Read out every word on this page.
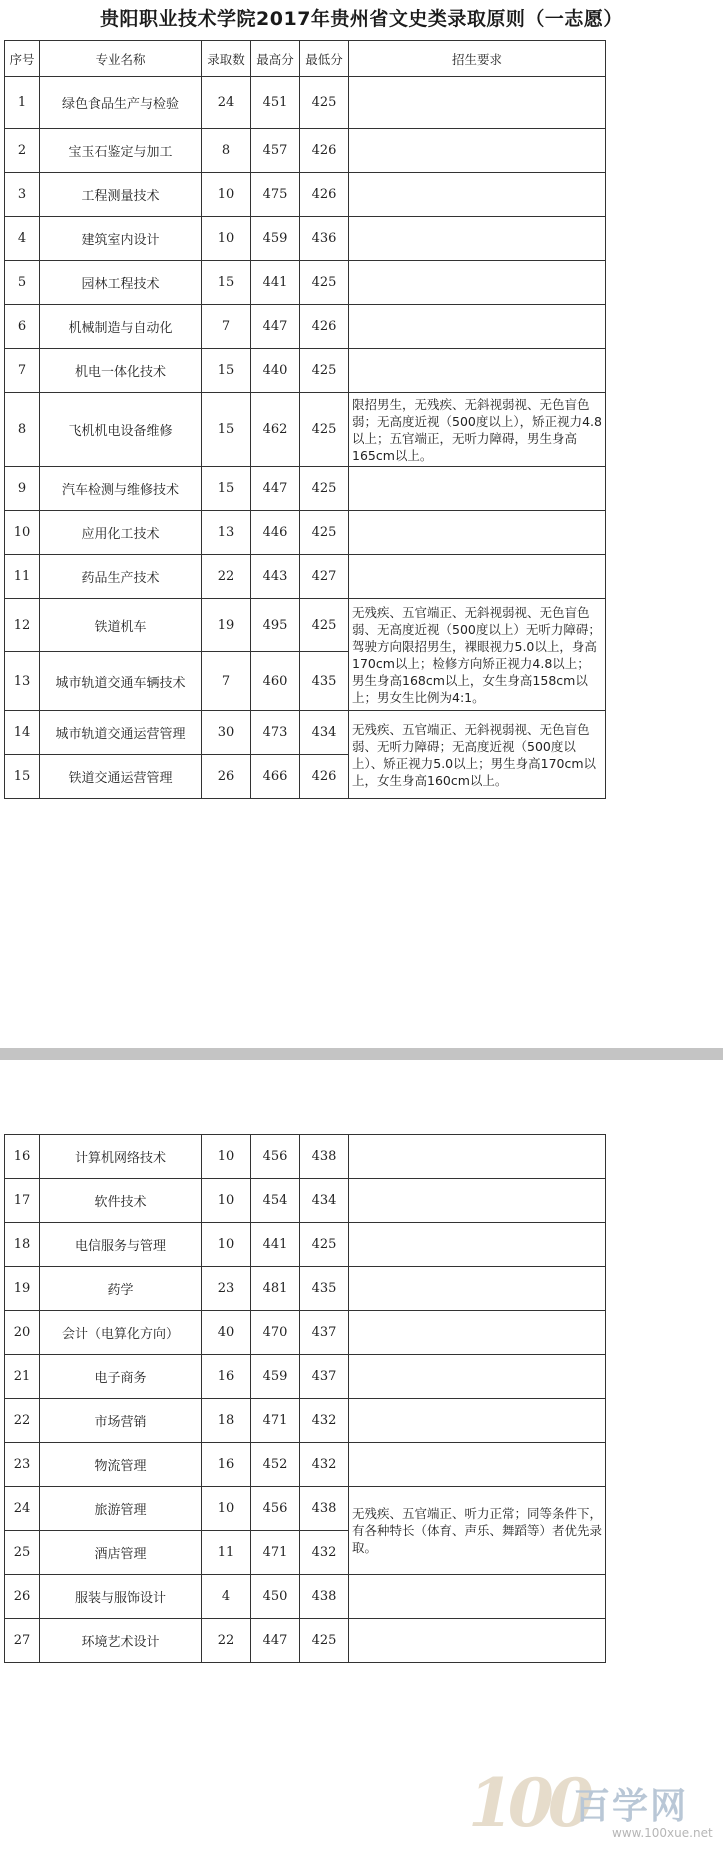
贵阳职业技术学院2017年贵州省文史类录取原则（一志愿）
序号	专业名称	录取数	最高分	最低分	招生要求
1	绿色食品生产与检验	24	451	425	
2	宝玉石鉴定与加工	8	457	426	
3	工程测量技术	10	475	426	
4	建筑室内设计	10	459	436	
5	园林工程技术	15	441	425	
6	机械制造与自动化	7	447	426	
7	机电一体化技术	15	440	425	
8	飞机机电设备维修	15	462	425	限招男生，无残疾、无斜视弱视、无色盲色弱；无高度近视（500度以上），矫正视力4.8以上；五官端正，无听力障碍，男生身高165cm以上。
9	汽车检测与维修技术	15	447	425	
10	应用化工技术	13	446	425	
11	药品生产技术	22	443	427	
12	铁道机车	19	495	425	无残疾、五官端正、无斜视弱视、无色盲色弱、无高度近视（500度以上）无听力障碍；驾驶方向限招男生，裸眼视力5.0以上，身高170cm以上；检修方向矫正视力4.8以上；男生身高168cm以上，女生身高158cm以上；男女生比例为4:1。
13	城市轨道交通车辆技术	7	460	435	
14	城市轨道交通运营管理	30	473	434	无残疾、五官端正、无斜视弱视、无色盲色弱、无听力障碍；无高度近视（500度以上）、矫正视力5.0以上；男生身高170cm以上，女生身高160cm以上。
15	铁道交通运营管理	26	466	426	
16	计算机网络技术	10	456	438	
17	软件技术	10	454	434	
18	电信服务与管理	10	441	425	
19	药学	23	481	435	
20	会计（电算化方向）	40	470	437	
21	电子商务	16	459	437	
22	市场营销	18	471	432	
23	物流管理	16	452	432	
24	旅游管理	10	456	438	无残疾、五官端正、听力正常；同等条件下，有各种特长（体育、声乐、舞蹈等）者优先录取。
25	酒店管理	11	471	432	
26	服装与服饰设计	4	450	438	
27	环境艺术设计	22	447	425	
100
百学网
www.100xue.net
